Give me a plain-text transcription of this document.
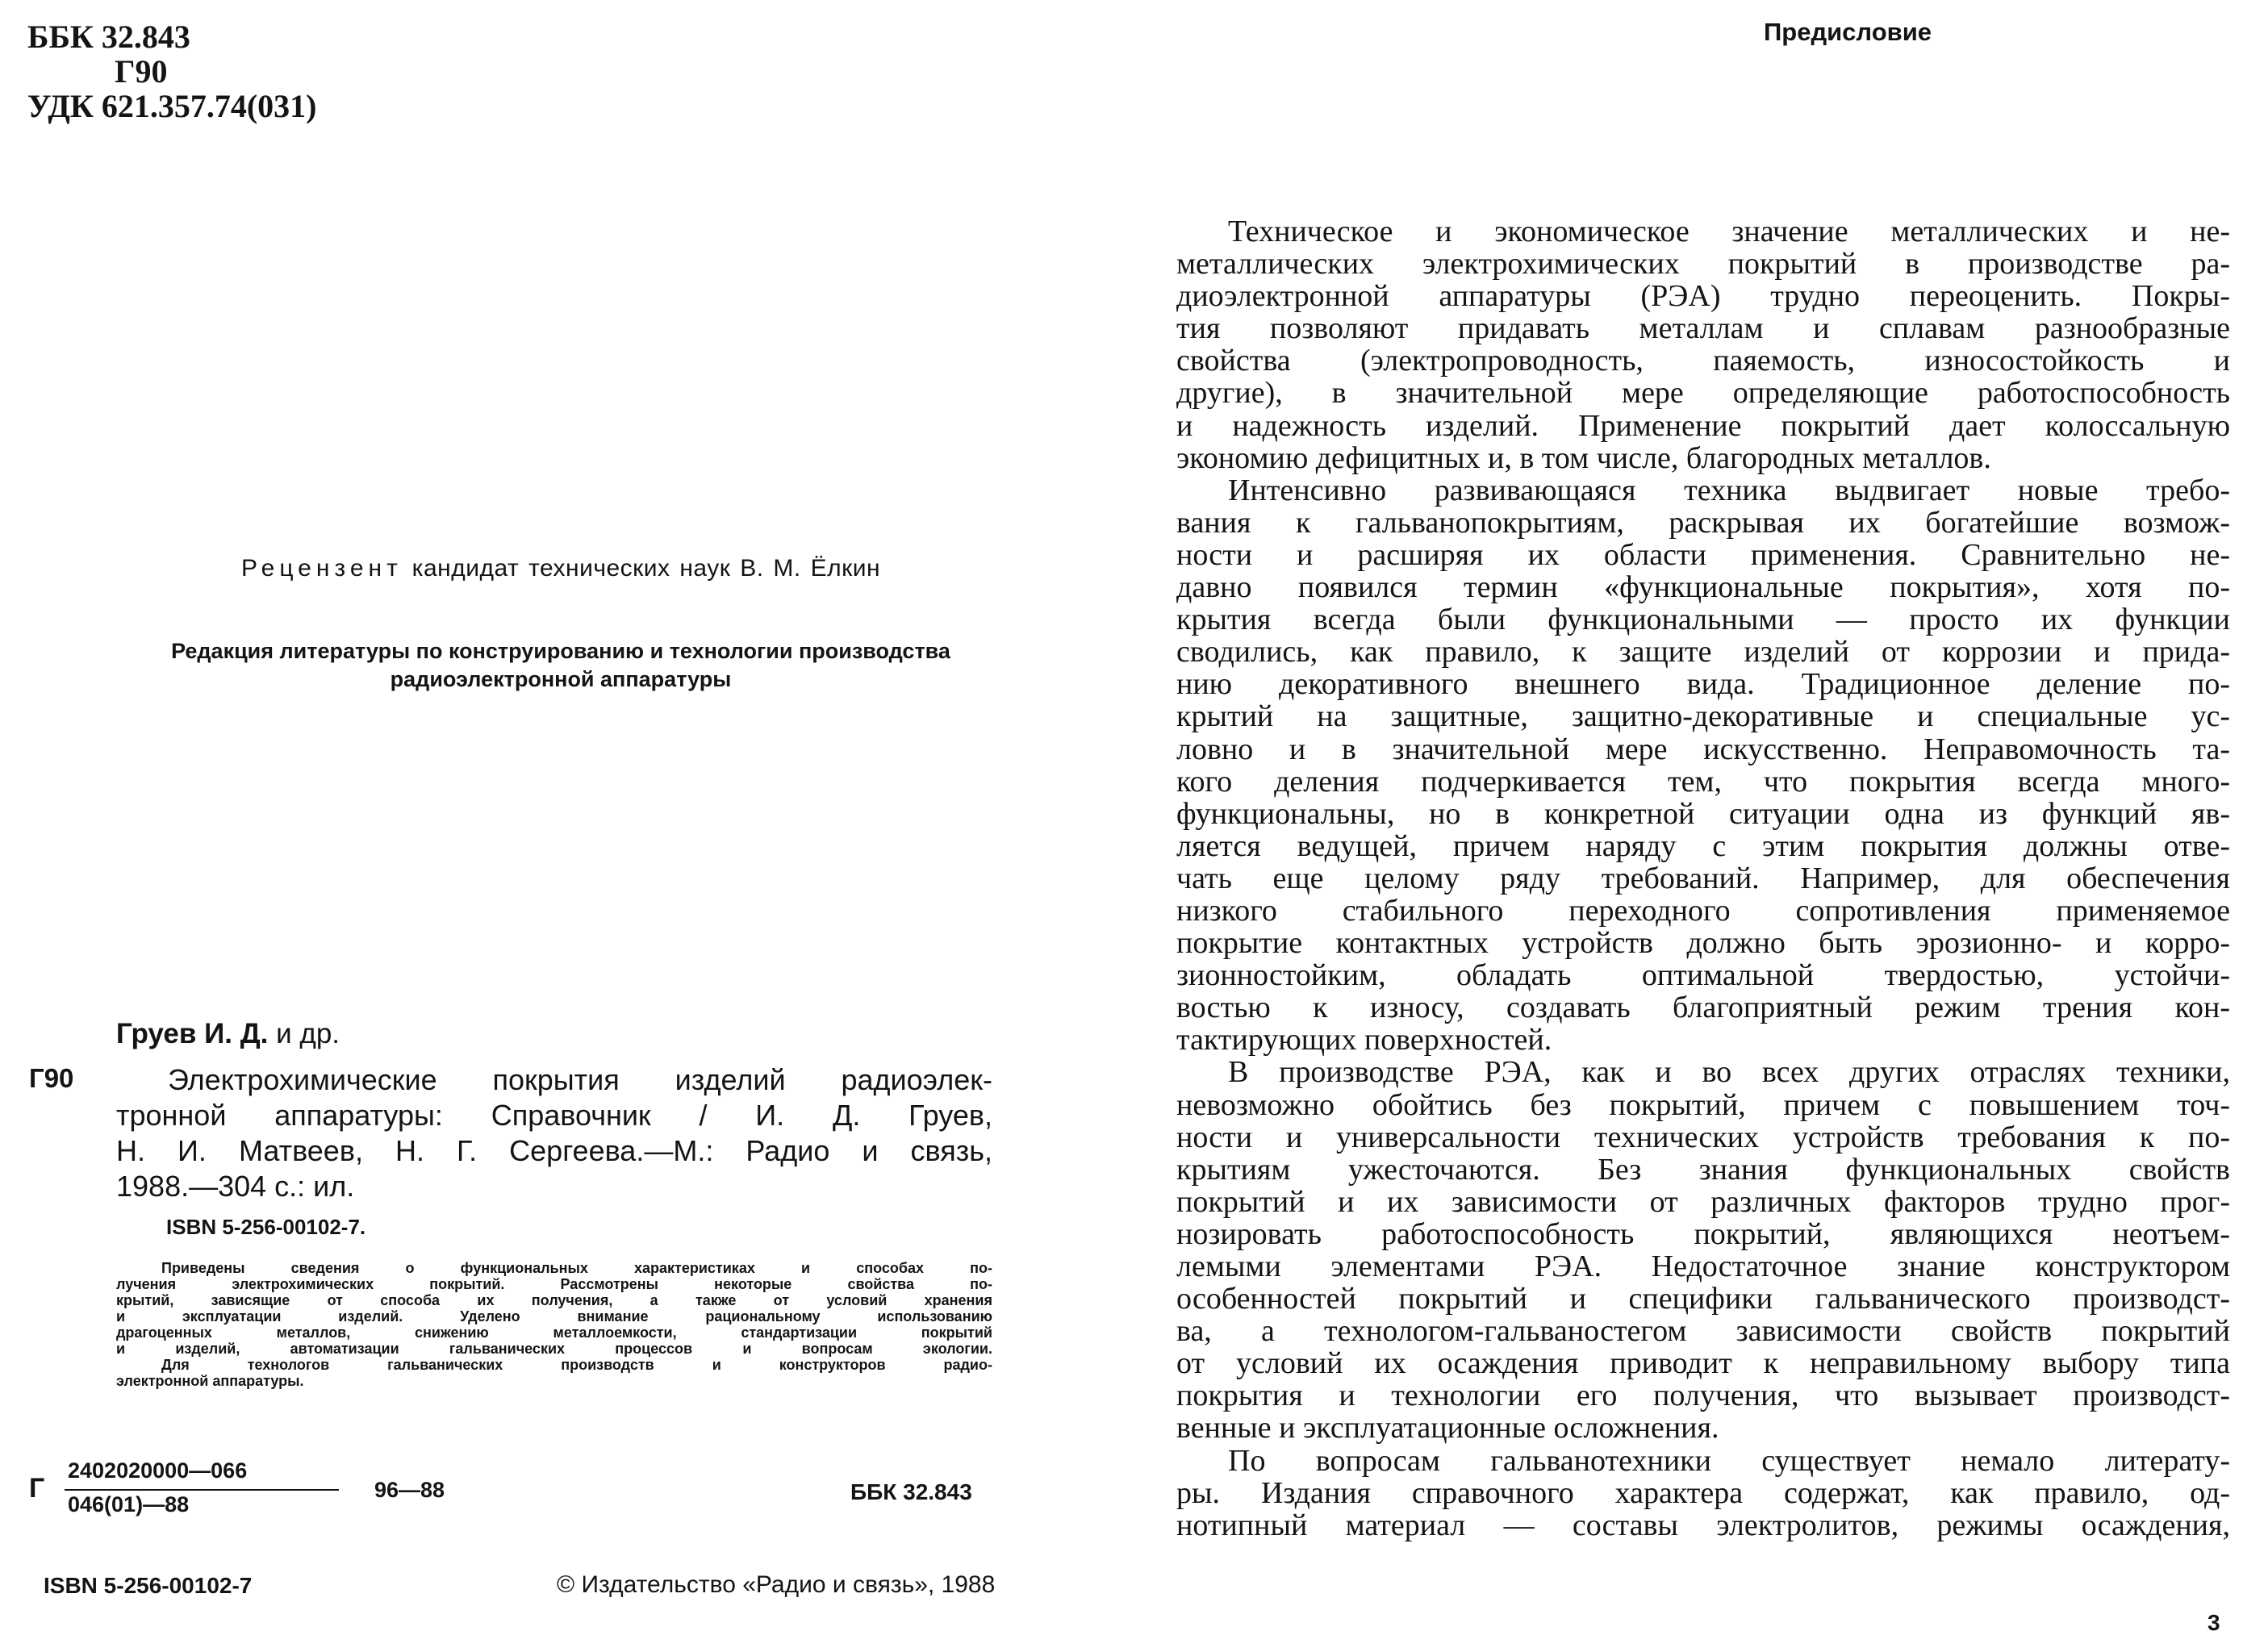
ББК 32.843
Г90
УДК 621.357.74(031)
Рецензент кандидат технических наук В. М. Ёлкин
Редакция литературы по конструированию и технологии производства
радиоэлектронной аппаратуры
Груев И. Д. и др.
Г90	Электрохимические покрытия изделий радиоэлек-
тронной аппаратуры: Справочник / И. Д. Груев,
Н. И. Матвеев, Н. Г. Сергеева.—М.: Радио и связь,
1988.—304 с.: ил.
ISBN 5-256-00102-7.

Приведены сведения о функциональных характеристиках и способах по-

лучения электрохимических покрытий. Рассмотрены некоторые свойства по-

крытий, зависящие от способа их получения, а также от условий хранения

и эксплуатации изделий. Уделено внимание рациональному использованию

драгоценных металлов, снижению металлоемкости, стандартизации покрытий

и изделий, автоматизации гальванических процессов и вопросам экологии.

Для технологов гальванических производств и конструкторов радио-

электронной аппаратуры.

Г
2402020000—066
046(01)—88
96—88	ББК 32.843
ISBN 5-256-00102-7	© Издательство «Радио и связь», 1988
Предисловие
Техническое и экономическое значение металлических и не-
металлических электрохимических покрытий в производстве ра-
диоэлектронной аппаратуры (РЭА) трудно переоценить. Покры-
тия позволяют придавать металлам и сплавам разнообразные
свойства (электропроводность, паяемость, износостойкость и
другие), в значительной мере определяющие работоспособность
и надежность изделий. Применение покрытий дает колоссальную
экономию дефицитных и, в том числе, благородных металлов.
Интенсивно развивающаяся техника выдвигает новые требо-
вания к гальванопокрытиям, раскрывая их богатейшие возмож-
ности и расширяя их области применения. Сравнительно не-
давно появился термин «функциональные покрытия», хотя по-
крытия всегда были функциональными — просто их функции
сводились, как правило, к защите изделий от коррозии и прида-
нию декоративного внешнего вида. Традиционное деление по-
крытий на защитные, защитно-декоративные и специальные ус-
ловно и в значительной мере искусственно. Неправомочность та-
кого деления подчеркивается тем, что покрытия всегда много-
функциональны, но в конкретной ситуации одна из функций яв-
ляется ведущей, причем наряду с этим покрытия должны отве-
чать еще целому ряду требований. Например, для обеспечения
низкого стабильного переходного сопротивления применяемое
покрытие контактных устройств должно быть эрозионно- и корро-
зионностойким, обладать оптимальной твердостью, устойчи-
востью к износу, создавать благоприятный режим трения кон-
тактирующих поверхностей.
В производстве РЭА, как и во всех других отраслях техники,
невозможно обойтись без покрытий, причем с повышением точ-
ности и универсальности технических устройств требования к по-
крытиям ужесточаются. Без знания функциональных свойств
покрытий и их зависимости от различных факторов трудно прог-
нозировать работоспособность покрытий, являющихся неотъем-
лемыми элементами РЭА. Недостаточное знание конструктором
особенностей покрытий и специфики гальванического производст-
ва, а технологом-гальваностегом зависимости свойств покрытий
от условий их осаждения приводит к неправильному выбору типа
покрытия и технологии его получения, что вызывает производст-
венные и эксплуатационные осложнения.
По вопросам гальванотехники существует немало литерату-
ры. Издания справочного характера содержат, как правило, од-
нотипный материал — составы электролитов, режимы осаждения,
3
